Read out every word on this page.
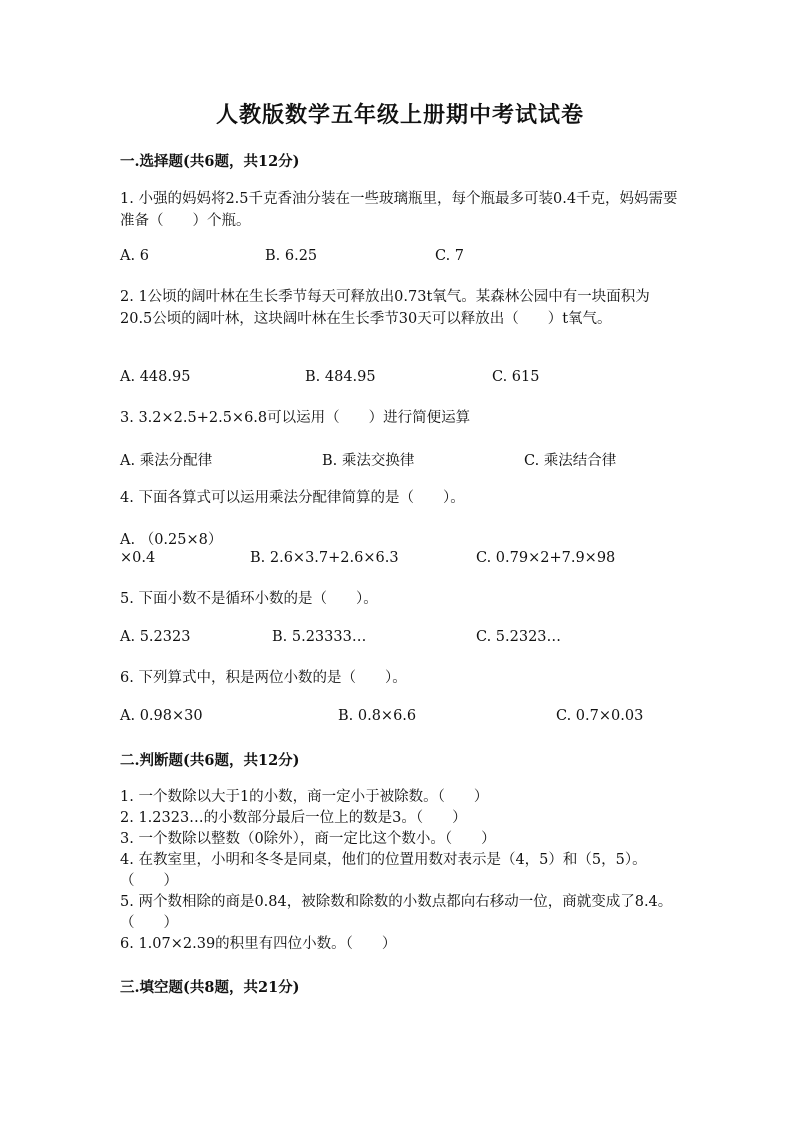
人教版数学五年级上册期中考试试卷
一.选择题(共6题，共12分)
1. 小强的妈妈将2.5千克香油分装在一些玻璃瓶里，每个瓶最多可装0.4千克，妈妈需要准备（　　）个瓶。
A. 6	B. 6.25	C. 7
2. 1公顷的阔叶林在生长季节每天可释放出0.73t氧气。某森林公园中有一块面积为20.5公顷的阔叶林，这块阔叶林在生长季节30天可以释放出（　　）t氧气。
A. 448.95	B. 484.95	C. 615
3. 3.2×2.5+2.5×6.8可以运用（　　）进行简便运算
A. 乘法分配律	B. 乘法交换律	C. 乘法结合律
4. 下面各算式可以运用乘法分配律简算的是（　　）。
A. （0.25×8）
×0.4	B. 2.6×3.7+2.6×6.3	C. 0.79×2+7.9×98
5. 下面小数不是循环小数的是（　　）。
A. 5.2323	B. 5.23333…	C. 5.2323…
6. 下列算式中，积是两位小数的是（　　）。
A. 0.98×30	B. 0.8×6.6	C. 0.7×0.03
二.判断题(共6题，共12分)
1. 一个数除以大于1的小数，商一定小于被除数。（　　）
2. 1.2323…的小数部分最后一位上的数是3。（　　）
3. 一个数除以整数（0除外），商一定比这个数小。（　　）
4. 在教室里，小明和冬冬是同桌，他们的位置用数对表示是（4，5）和（5，5）。（　　）
5. 两个数相除的商是0.84，被除数和除数的小数点都向右移动一位，商就变成了8.4。（　　）
6. 1.07×2.39的积里有四位小数。（　　）
三.填空题(共8题，共21分)
